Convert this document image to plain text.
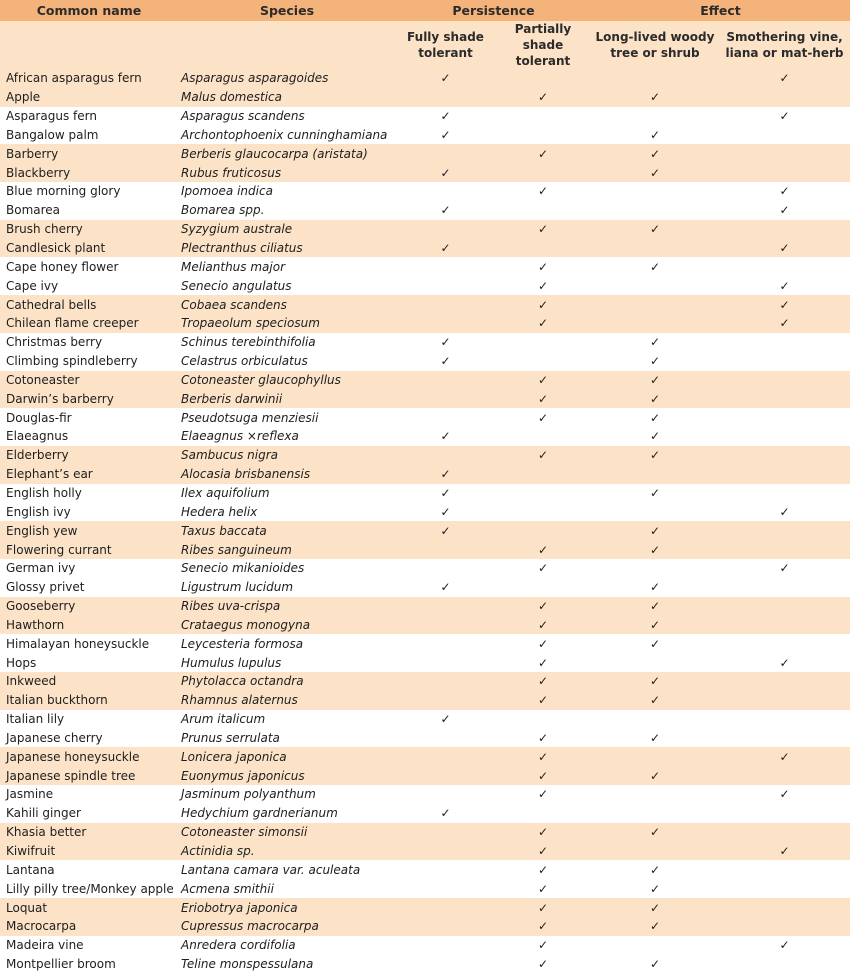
Common name	Species	Persistence		Effect	
		Fully shade tolerant	Partially shade tolerant	Long-lived woody tree or shrub	Smothering vine, liana or mat-herb
African asparagus fern	Asparagus asparagoides	✓			✓
Apple	Malus domestica		✓	✓	
Asparagus fern	Asparagus scandens	✓			✓
Bangalow palm	Archontophoenix cunninghamiana	✓		✓	
Barberry	Berberis glaucocarpa (aristata)		✓	✓	
Blackberry	Rubus fruticosus	✓		✓	
Blue morning glory	Ipomoea indica		✓		✓
Bomarea	Bomarea spp.	✓			✓
Brush cherry	Syzygium australe		✓	✓	
Candlesick plant	Plectranthus ciliatus	✓			✓
Cape honey flower	Melianthus major		✓	✓	
Cape ivy	Senecio angulatus		✓		✓
Cathedral bells	Cobaea scandens		✓		✓
Chilean flame creeper	Tropaeolum speciosum		✓		✓
Christmas berry	Schinus terebinthifolia	✓		✓	
Climbing spindleberry	Celastrus orbiculatus	✓		✓	
Cotoneaster	Cotoneaster glaucophyllus		✓	✓	
Darwin’s barberry	Berberis darwinii		✓	✓	
Douglas-fir	Pseudotsuga menziesii		✓	✓	
Elaeagnus	Elaeagnus ×reflexa	✓		✓	
Elderberry	Sambucus nigra		✓	✓	
Elephant’s ear	Alocasia brisbanensis	✓			
English holly	Ilex aquifolium	✓		✓	
English ivy	Hedera helix	✓			✓
English yew	Taxus baccata	✓		✓	
Flowering currant	Ribes sanguineum		✓	✓	
German ivy	Senecio mikanioides		✓		✓
Glossy privet	Ligustrum lucidum	✓		✓	
Gooseberry	Ribes uva-crispa		✓	✓	
Hawthorn	Crataegus monogyna		✓	✓	
Himalayan honeysuckle	Leycesteria formosa		✓	✓	
Hops	Humulus lupulus		✓		✓
Inkweed	Phytolacca octandra		✓	✓	
Italian buckthorn	Rhamnus alaternus		✓	✓	
Italian lily	Arum italicum	✓			
Japanese cherry	Prunus serrulata		✓	✓	
Japanese honeysuckle	Lonicera japonica		✓		✓
Japanese spindle tree	Euonymus japonicus		✓	✓	
Jasmine	Jasminum polyanthum		✓		✓
Kahili ginger	Hedychium gardnerianum	✓			
Khasia better	Cotoneaster simonsii		✓	✓	
Kiwifruit	Actinidia sp.		✓		✓
Lantana	Lantana camara var. aculeata		✓	✓	
Lilly pilly tree/Monkey apple	Acmena smithii		✓	✓	
Loquat	Eriobotrya japonica		✓	✓	
Macrocarpa	Cupressus macrocarpa		✓	✓	
Madeira vine	Anredera cordifolia		✓		✓
Montpellier broom	Teline monspessulana		✓	✓	
